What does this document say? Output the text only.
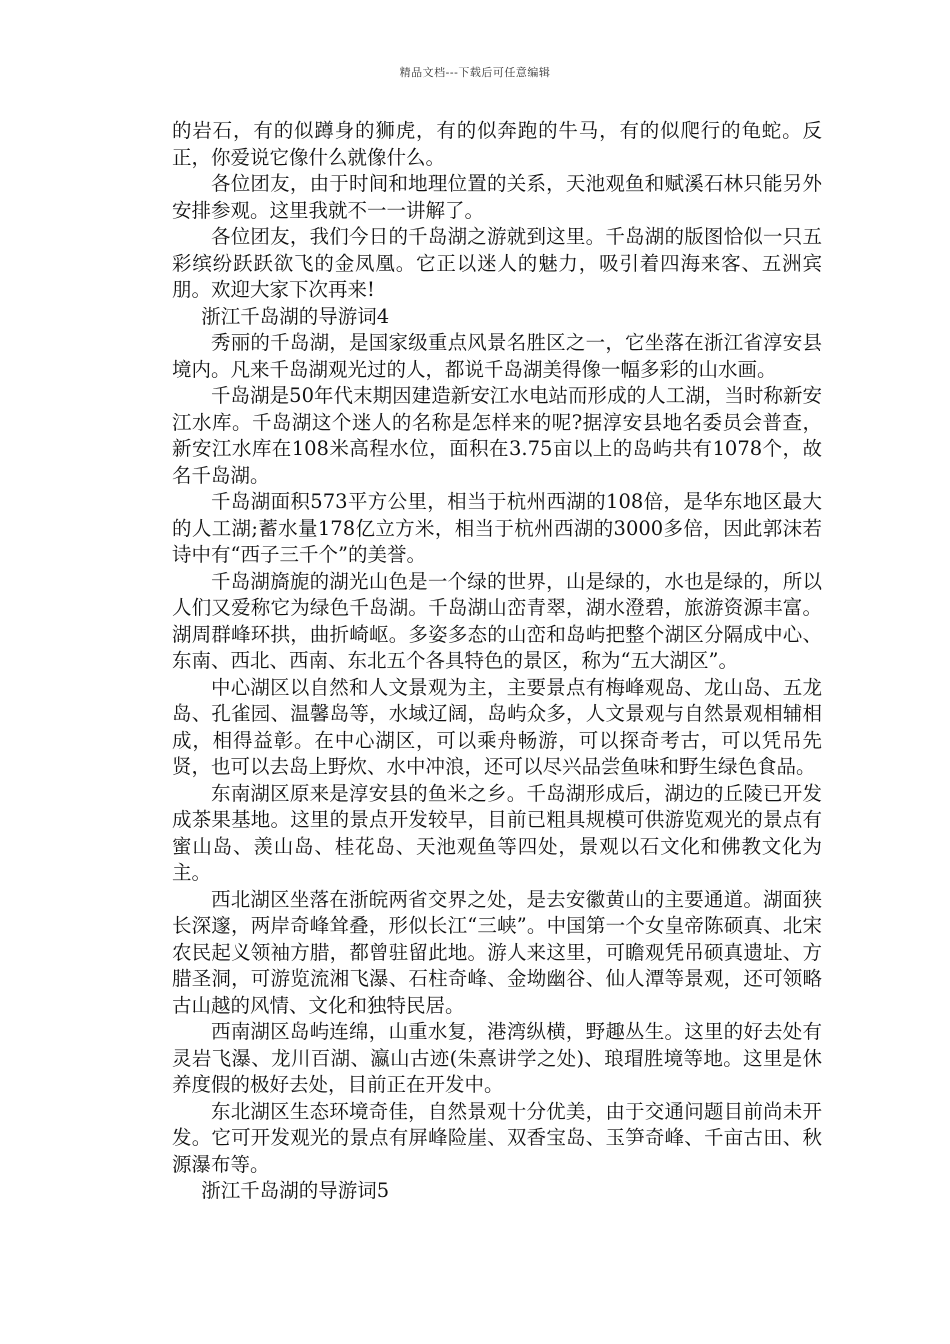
精品文档---下载后可任意编辑

的岩石，有的似蹲身的狮虎，有的似奔跑的牛马，有的似爬行的龟蛇。反正，你爱说它像什么就像什么。

各位团友，由于时间和地理位置的关系，天池观鱼和赋溪石林只能另外安排参观。这里我就不一一讲解了。

各位团友，我们今日的千岛湖之游就到这里。千岛湖的版图恰似一只五彩缤纷跃跃欲飞的金凤凰。它正以迷人的魅力，吸引着四海来客、五洲宾朋。欢迎大家下次再来!

浙江千岛湖的导游词4

秀丽的千岛湖，是国家级重点风景名胜区之一，它坐落在浙江省淳安县境内。凡来千岛湖观光过的人，都说千岛湖美得像一幅多彩的山水画。

千岛湖是50年代末期因建造新安江水电站而形成的人工湖，当时称新安江水库。千岛湖这个迷人的名称是怎样来的呢?据淳安县地名委员会普查，新安江水库在108米高程水位，面积在3.75亩以上的岛屿共有1078个，故名千岛湖。

千岛湖面积573平方公里，相当于杭州西湖的108倍，是华东地区最大的人工湖;蓄水量178亿立方米，相当于杭州西湖的3000多倍，因此郭沫若诗中有“西子三千个”的美誉。

千岛湖旖旎的湖光山色是一个绿的世界，山是绿的，水也是绿的，所以人们又爱称它为绿色千岛湖。千岛湖山峦青翠，湖水澄碧，旅游资源丰富。湖周群峰环拱，曲折崎岖。多姿多态的山峦和岛屿把整个湖区分隔成中心、东南、西北、西南、东北五个各具特色的景区，称为“五大湖区”。

中心湖区以自然和人文景观为主，主要景点有梅峰观岛、龙山岛、五龙岛、孔雀园、温馨岛等，水域辽阔，岛屿众多，人文景观与自然景观相辅相成，相得益彰。在中心湖区，可以乘舟畅游，可以探奇考古，可以凭吊先贤，也可以去岛上野炊、水中冲浪，还可以尽兴品尝鱼味和野生绿色食品。

东南湖区原来是淳安县的鱼米之乡。千岛湖形成后，湖边的丘陵已开发成茶果基地。这里的景点开发较早，目前已粗具规模可供游览观光的景点有蜜山岛、羡山岛、桂花岛、天池观鱼等四处，景观以石文化和佛教文化为主。

西北湖区坐落在浙皖两省交界之处，是去安徽黄山的主要通道。湖面狭长深邃，两岸奇峰耸叠，形似长江“三峡”。中国第一个女皇帝陈硕真、北宋农民起义领袖方腊，都曾驻留此地。游人来这里，可瞻观凭吊硕真遗址、方腊圣洞，可游览流湘飞瀑、石柱奇峰、金坳幽谷、仙人潭等景观，还可领略古山越的风情、文化和独特民居。

西南湖区岛屿连绵，山重水复，港湾纵横，野趣丛生。这里的好去处有灵岩飞瀑、龙川百湖、瀛山古迹(朱熹讲学之处)、琅瑁胜境等地。这里是休养度假的极好去处，目前正在开发中。

东北湖区生态环境奇佳，自然景观十分优美，由于交通问题目前尚未开发。它可开发观光的景点有屏峰险崖、双香宝岛、玉笋奇峰、千亩古田、秋源瀑布等。

浙江千岛湖的导游词5
